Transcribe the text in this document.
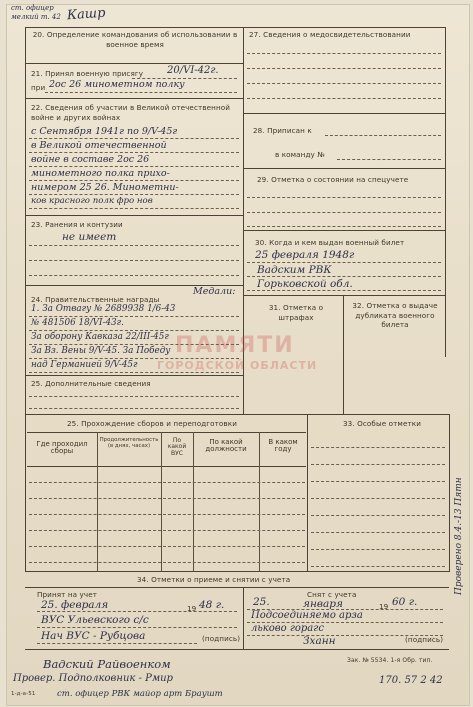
ст. офицер
мелкий т. 42 Кашр
20. Определение командования об использовании в военное время
21. Принял военную присягу 20/VI-42г.
при 2ос 26 минометном полку
22. Сведения об участии в Великой отечественной войне и других войнах
с Сентября 1941г по 9/V-45г
в Великой отечественной
войне в составе 2ос 26
минометного полка прихо-
нимером 25 26. Минометни-
ков красного полк фро нов
23. Ранения и контузии
не имеет
24. Правительственные награды
Медали:
1. За Отвагу № 2689938 1/6-43
№ 481506 18/VI-43г.
За оборону Кавказа 22/III-45г
За Вз. Вены 9/V-45. За Победу
над Германией 9/V-45г
25. Дополнительные сведения
27. Сведения о медосвидетельствовании
28. Приписан к
в команду №
29. Отметка о состоянии на спецучете
30. Когда и кем выдан военный билет
25 февраля 1948г
Вадским РВК
Горьковской обл.
31. Отметка о штрафах
32. Отметка о выдаче дубликата военного билета
ПАМЯТИ
ГОРОДСКОЙ ОБЛАСТИ
25. Прохождение сборов и переподготовки	33. Особые отметки
Где проходил сборы
Продолжительность (в днях, часах)
По какой ВУС
По какой должности
В каком году
34. Отметки о приеме и снятии с учета
Принят на учет
25. февраля	19 48 г.
ВУС Ульевского с/с
Нач ВУС - Рубцова	(подпись)
Снят с учета
25.	января	19 60 г.
Подсоединяемо арза
льково горагс
Зханн	(подпись)
Проверено 8.4.-13 Пятн
Вадский Райвоенком	Зак. № 5534. 1-я Обр. тип.
Провер. Подполковник - Рмир
ст. офицер РВК майор арт Браушт
1-д-а-51
170. 57 2 42
